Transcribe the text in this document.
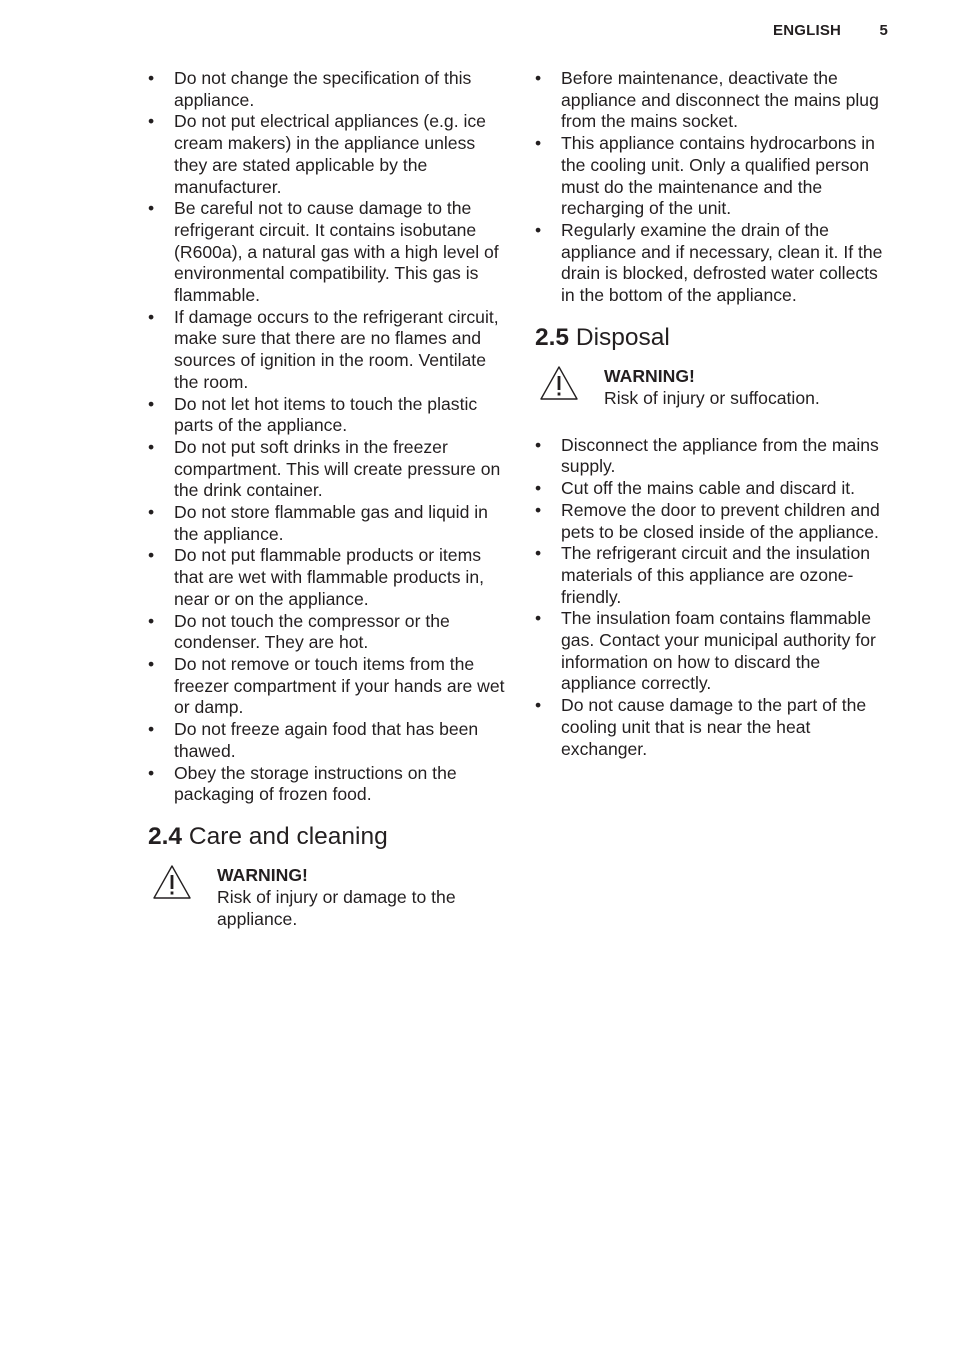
ENGLISH	5
• Do not change the specification of this appliance.
• Do not put electrical appliances (e.g. ice cream makers) in the appliance unless they are stated applicable by the manufacturer.
• Be careful not to cause damage to the refrigerant circuit. It contains isobutane (R600a), a natural gas with a high level of environmental compatibility. This gas is flammable.
• If damage occurs to the refrigerant circuit, make sure that there are no flames and sources of ignition in the room. Ventilate the room.
• Do not let hot items to touch the plastic parts of the appliance.
• Do not put soft drinks in the freezer compartment. This will create pressure on the drink container.
• Do not store flammable gas and liquid in the appliance.
• Do not put flammable products or items that are wet with flammable products in, near or on the appliance.
• Do not touch the compressor or the condenser. They are hot.
• Do not remove or touch items from the freezer compartment if your hands are wet or damp.
• Do not freeze again food that has been thawed.
• Obey the storage instructions on the packaging of frozen food.
2.4 Care and cleaning
WARNING!
Risk of injury or damage to the appliance.
• Before maintenance, deactivate the appliance and disconnect the mains plug from the mains socket.
• This appliance contains hydrocarbons in the cooling unit. Only a qualified person must do the maintenance and the recharging of the unit.
• Regularly examine the drain of the appliance and if necessary, clean it. If the drain is blocked, defrosted water collects in the bottom of the appliance.
2.5 Disposal
WARNING!
Risk of injury or suffocation.
• Disconnect the appliance from the mains supply.
• Cut off the mains cable and discard it.
• Remove the door to prevent children and pets to be closed inside of the appliance.
• The refrigerant circuit and the insulation materials of this appliance are ozone-friendly.
• The insulation foam contains flammable gas. Contact your municipal authority for information on how to discard the appliance correctly.
• Do not cause damage to the part of the cooling unit that is near the heat exchanger.
